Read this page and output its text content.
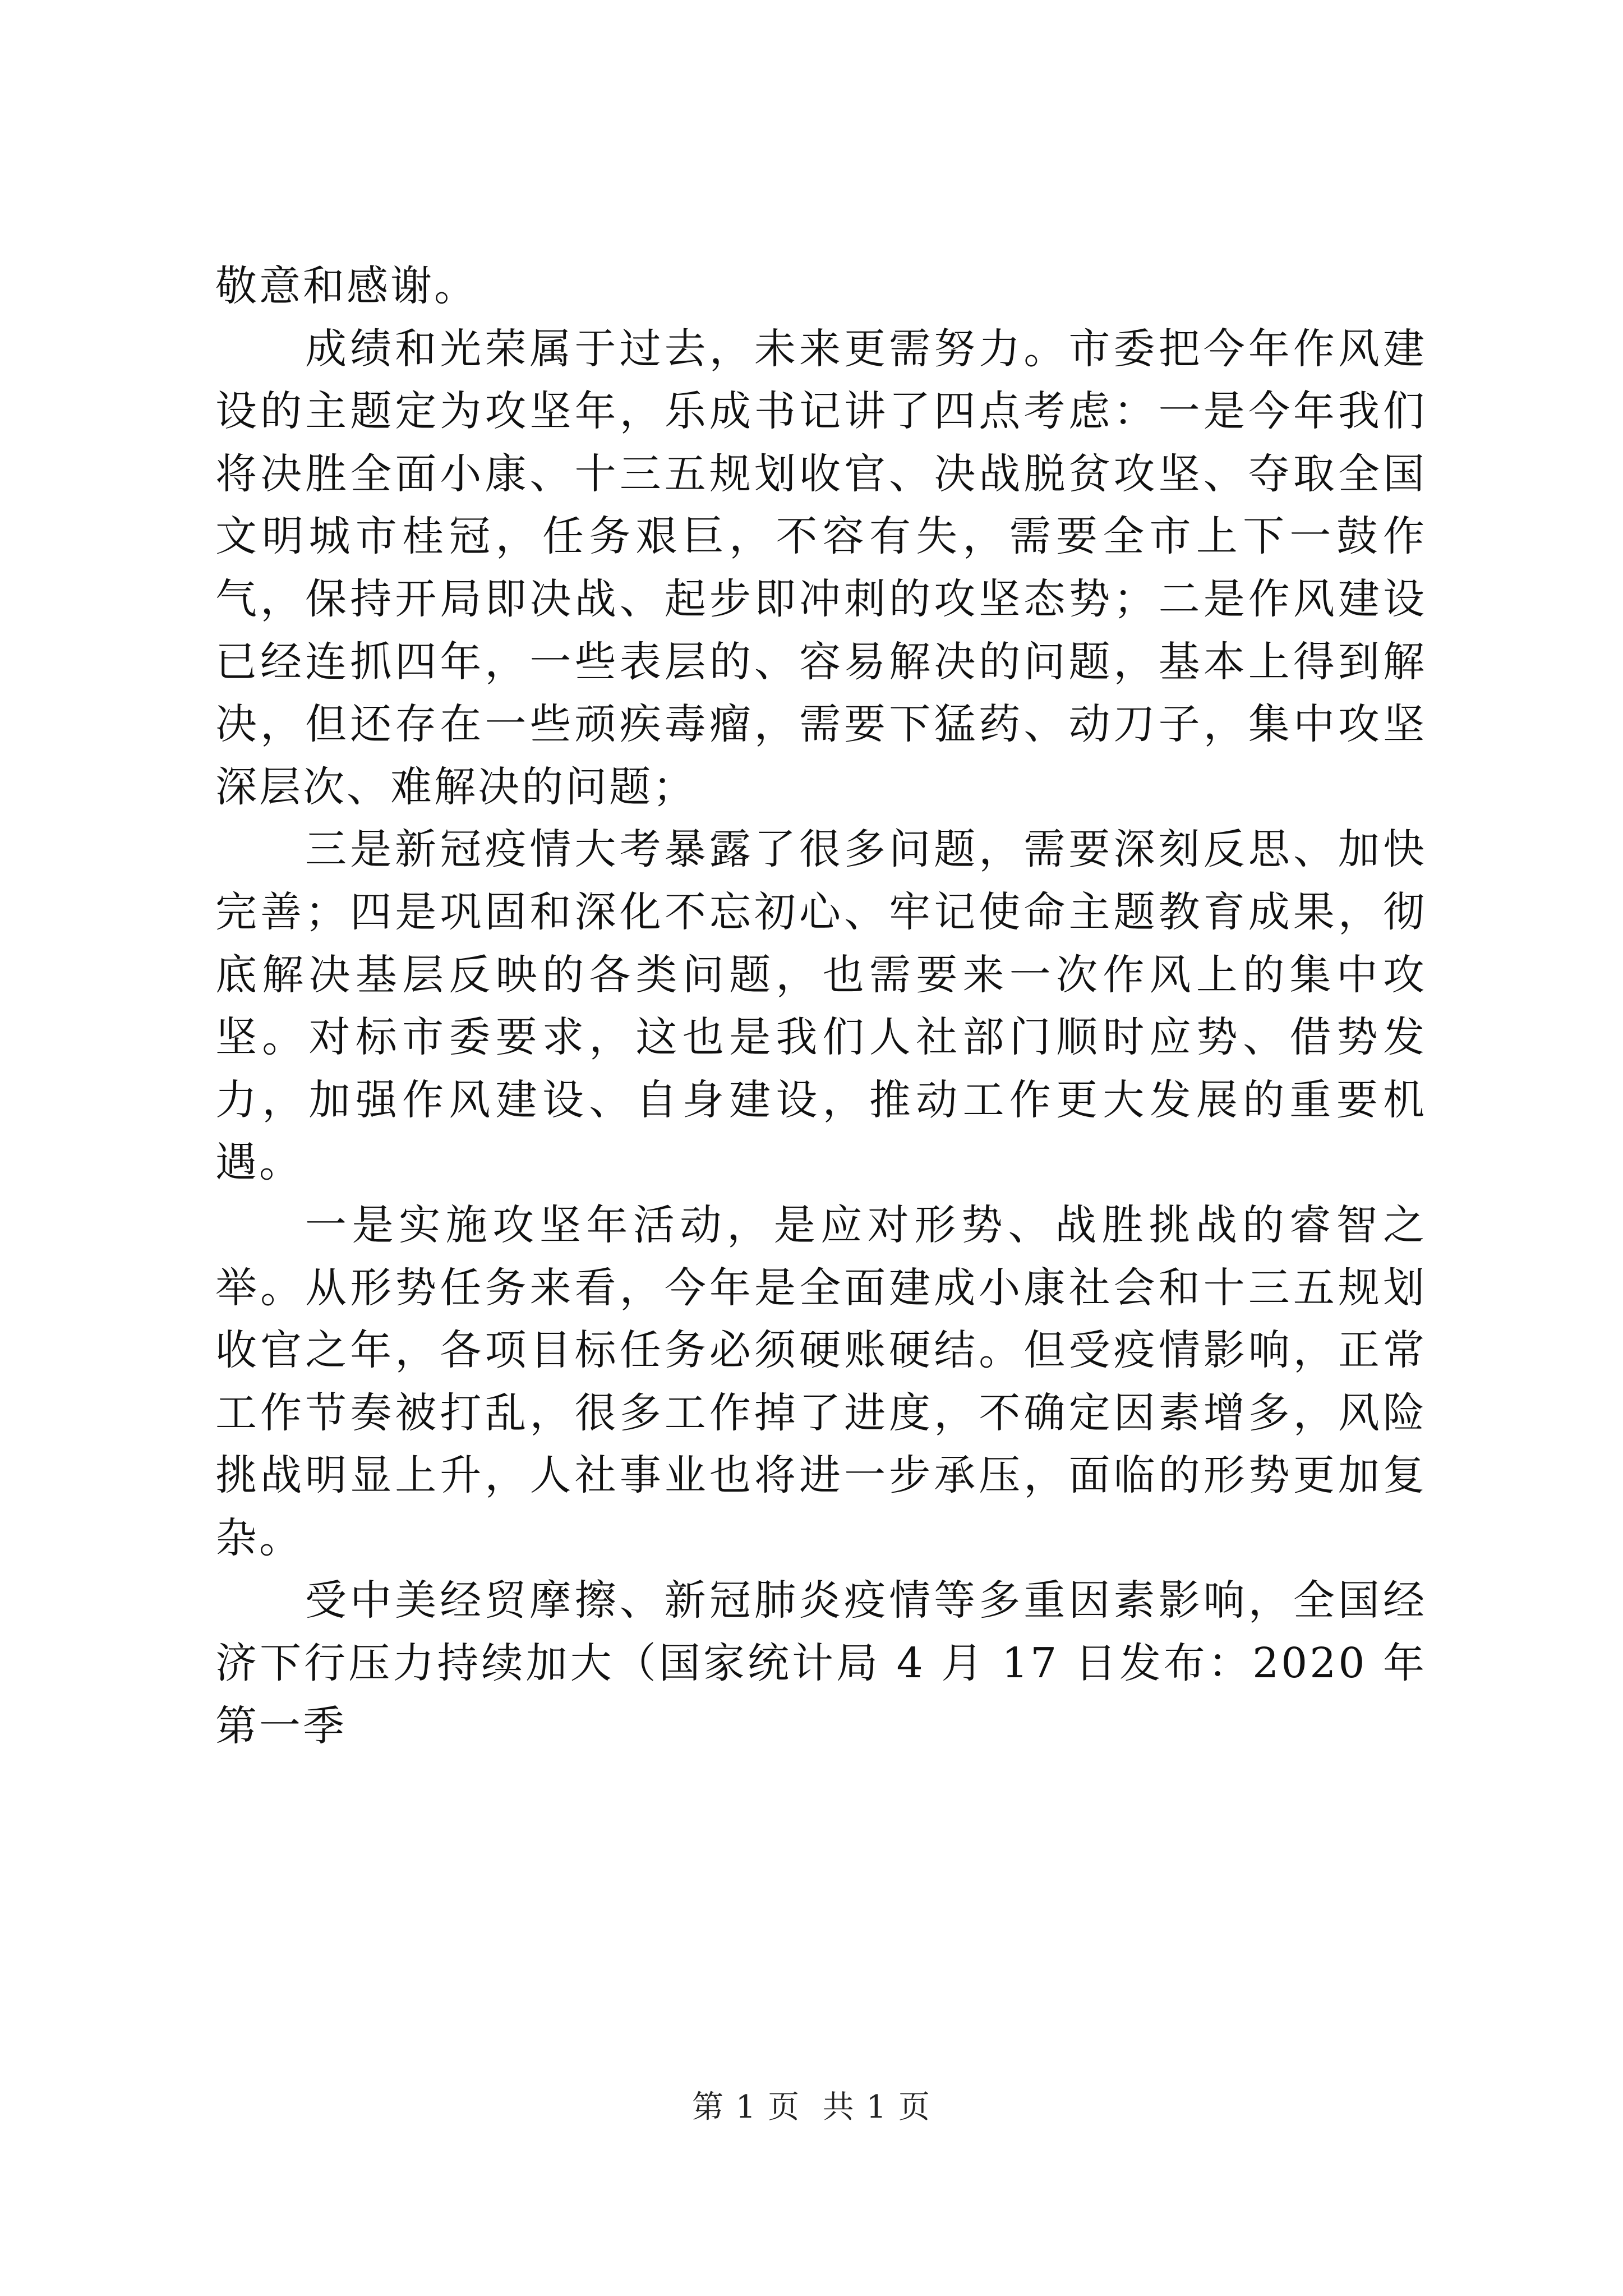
敬意和感谢。

成绩和光荣属于过去，未来更需努力。市委把今年作风建设的主题定为攻坚年，乐成书记讲了四点考虑：一是今年我们将决胜全面小康、十三五规划收官、决战脱贫攻坚、夺取全国文明城市桂冠，任务艰巨，不容有失，需要全市上下一鼓作气，保持开局即决战、起步即冲刺的攻坚态势；二是作风建设已经连抓四年，一些表层的、容易解决的问题，基本上得到解决，但还存在一些顽疾毒瘤，需要下猛药、动刀子，集中攻坚深层次、难解决的问题；

三是新冠疫情大考暴露了很多问题，需要深刻反思、加快完善；四是巩固和深化不忘初心、牢记使命主题教育成果，彻底解决基层反映的各类问题，也需要来一次作风上的集中攻坚。对标市委要求，这也是我们人社部门顺时应势、借势发力，加强作风建设、自身建设，推动工作更大发展的重要机遇。

一是实施攻坚年活动，是应对形势、战胜挑战的睿智之举。从形势任务来看，今年是全面建成小康社会和十三五规划收官之年，各项目标任务必须硬账硬结。但受疫情影响，正常工作节奏被打乱，很多工作掉了进度，不确定因素增多，风险挑战明显上升，人社事业也将进一步承压，面临的形势更加复杂。

受中美经贸摩擦、新冠肺炎疫情等多重因素影响，全国经济下行压力持续加大（国家统计局 4 月 17 日发布：2020 年第一季

第 1 页  共 1 页
